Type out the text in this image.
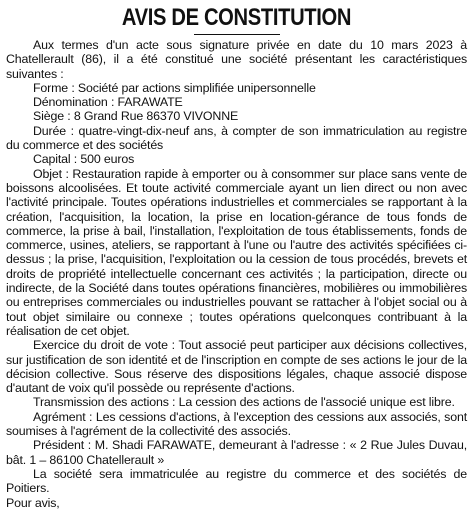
AVIS DE CONSTITUTION

Aux termes d'un acte sous signature privée en date du 10 mars 2023 à Chatellerault (86), il a été constitué une société présentant les caractéristiques suivantes :

Forme : Société par actions simplifiée unipersonnelle

Dénomination : FARAWATE

Siège : 8 Grand Rue 86370 VIVONNE

Durée : quatre-vingt-dix-neuf ans, à compter de son immatriculation au registre du commerce et des sociétés

Capital : 500 euros

Objet : Restauration rapide à emporter ou à consommer sur place sans vente de boissons alcoolisées. Et toute activité commerciale ayant un lien direct ou non avec l'activité principale. Toutes opérations industrielles et commerciales se rapportant à la création, l'acquisition, la location, la prise en location-gérance de tous fonds de commerce, la prise à bail, l'installation, l'exploitation de tous établissements, fonds de commerce, usines, ateliers, se rapportant à l'une ou l'autre des activités spécifiées ci-dessus ; la prise, l'acquisition, l'exploitation ou la cession de tous procédés, brevets et droits de propriété intellectuelle concernant ces activités ; la participation, directe ou indirecte, de la Société dans toutes opérations financières, mobilières ou immobilières ou entreprises commerciales ou industrielles pouvant se rattacher à l'objet social ou à tout objet similaire ou connexe ; toutes opérations quelconques contribuant à la réalisation de cet objet.

Exercice du droit de vote : Tout associé peut participer aux décisions collectives, sur justification de son identité et de l'inscription en compte de ses actions le jour de la décision collective. Sous réserve des dispositions légales, chaque associé dispose d'autant de voix qu'il possède ou représente d'actions.

Transmission des actions : La cession des actions de l'associé unique est libre.

Agrément : Les cessions d'actions, à l'exception des cessions aux associés, sont soumises à l'agrément de la collectivité des associés.

Président : M. Shadi FARAWATE, demeurant à l'adresse : « 2 Rue Jules Duvau, bât. 1 – 86100 Chatellerault »

La société sera immatriculée au registre du commerce et des sociétés de Poitiers.

Pour avis,
